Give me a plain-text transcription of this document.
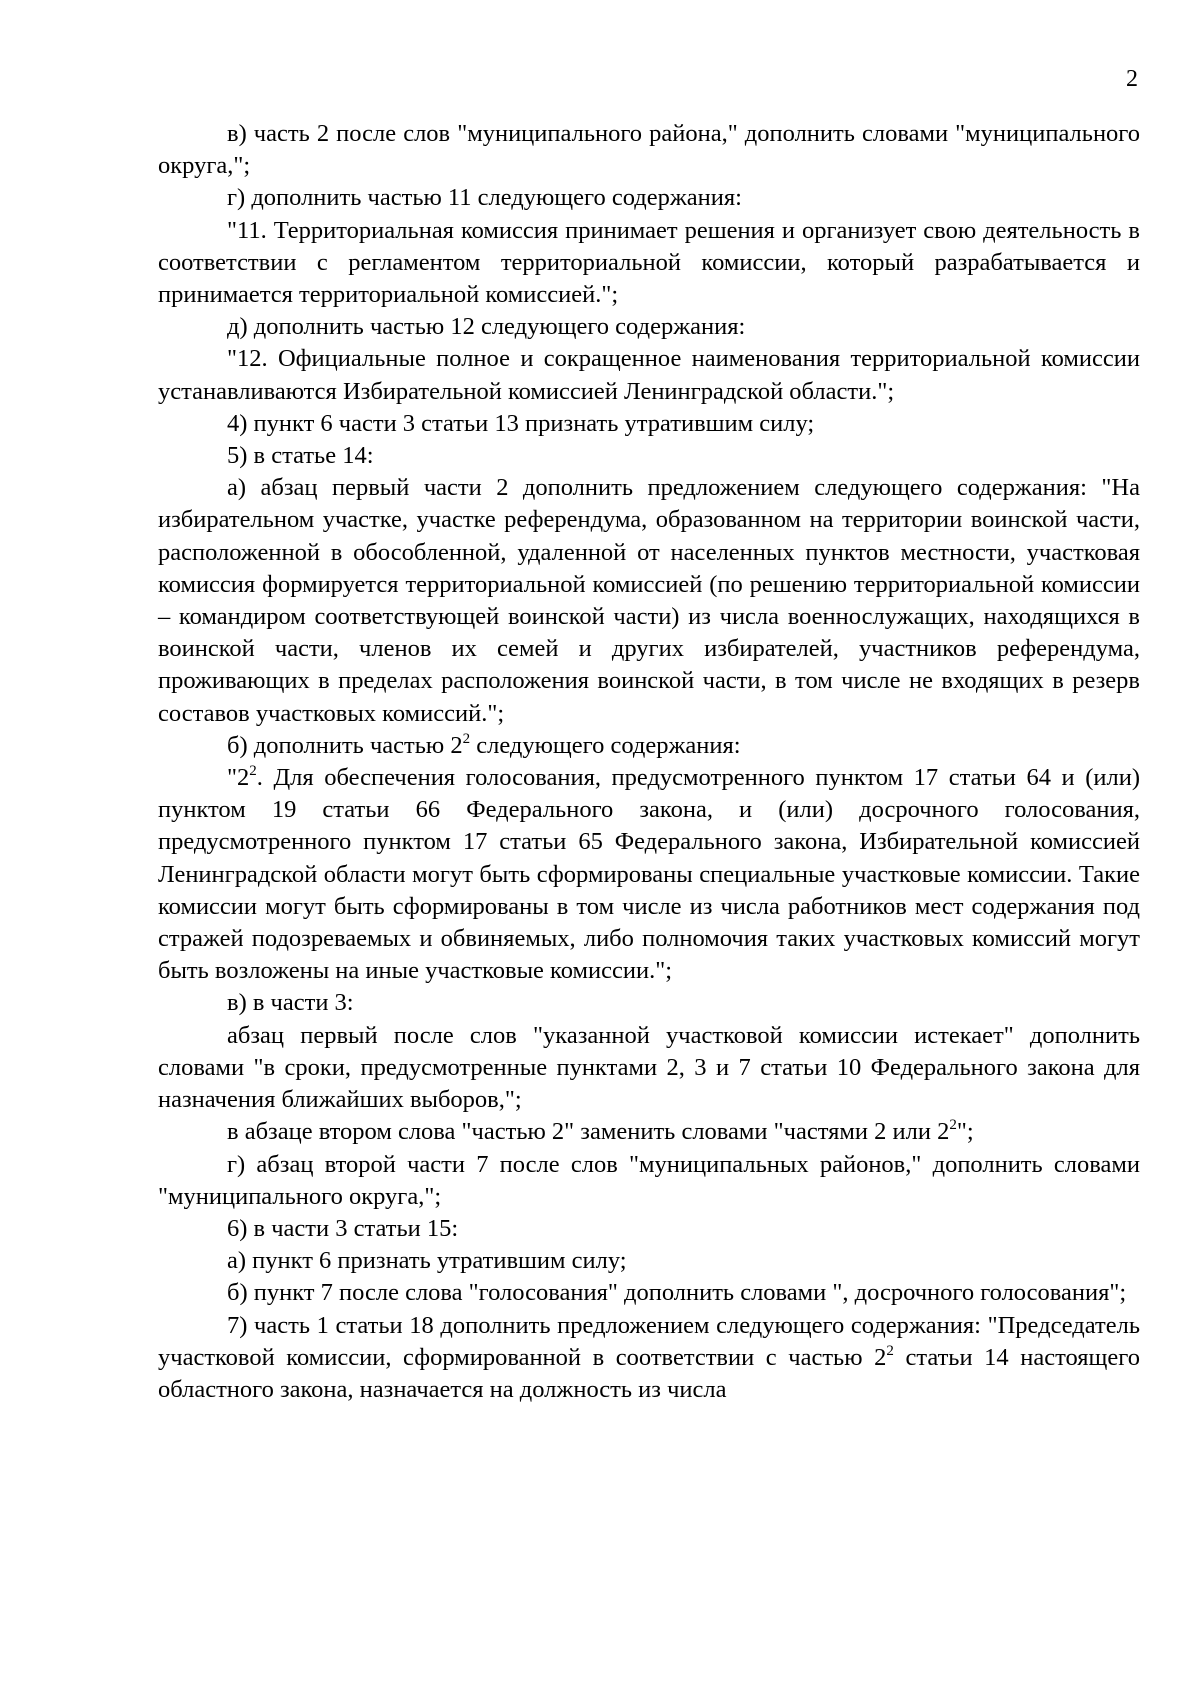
2

в) часть 2 после слов "муниципального района," дополнить словами "муниципального округа,";

г) дополнить частью 11 следующего содержания:

"11. Территориальная комиссия принимает решения и организует свою деятельность в соответствии с регламентом территориальной комиссии, который разрабатывается и принимается территориальной комиссией.";

д) дополнить частью 12 следующего содержания:

"12. Официальные полное и сокращенное наименования территориальной комиссии устанавливаются Избирательной комиссией Ленинградской области.";

4) пункт 6 части 3 статьи 13 признать утратившим силу;

5) в статье 14:

а) абзац первый части 2 дополнить предложением следующего содержания: "На избирательном участке, участке референдума, образованном на территории воинской части, расположенной в обособленной, удаленной от населенных пунктов местности, участковая комиссия формируется территориальной комиссией (по решению территориальной комиссии – командиром соответствующей воинской части) из числа военнослужащих, находящихся в воинской части, членов их семей и других избирателей, участников референдума, проживающих в пределах расположения воинской части, в том числе не входящих в резерв составов участковых комиссий.";

б) дополнить частью $2^2$ следующего содержания:

"$2^2$. Для обеспечения голосования, предусмотренного пунктом 17 статьи 64 и (или) пунктом 19 статьи 66 Федерального закона, и (или) досрочного голосования, предусмотренного пунктом 17 статьи 65 Федерального закона, Избирательной комиссией Ленинградской области могут быть сформированы специальные участковые комиссии. Такие комиссии могут быть сформированы в том числе из числа работников мест содержания под стражей подозреваемых и обвиняемых, либо полномочия таких участковых комиссий могут быть возложены на иные участковые комиссии.";

в) в части 3:

абзац первый после слов "указанной участковой комиссии истекает" дополнить словами "в сроки, предусмотренные пунктами 2, 3 и 7 статьи 10 Федерального закона для назначения ближайших выборов,";

в абзаце втором слова "частью 2" заменить словами "частями 2 или $2^2$";

г) абзац второй части 7 после слов "муниципальных районов," дополнить словами "муниципального округа,";

6) в части 3 статьи 15:

а) пункт 6 признать утратившим силу;

б) пункт 7 после слова "голосования" дополнить словами ", досрочного голосования";

7) часть 1 статьи 18 дополнить предложением следующего содержания: "Председатель участковой комиссии, сформированной в соответствии с частью $2^2$ статьи 14 настоящего областного закона, назначается на должность из числа
